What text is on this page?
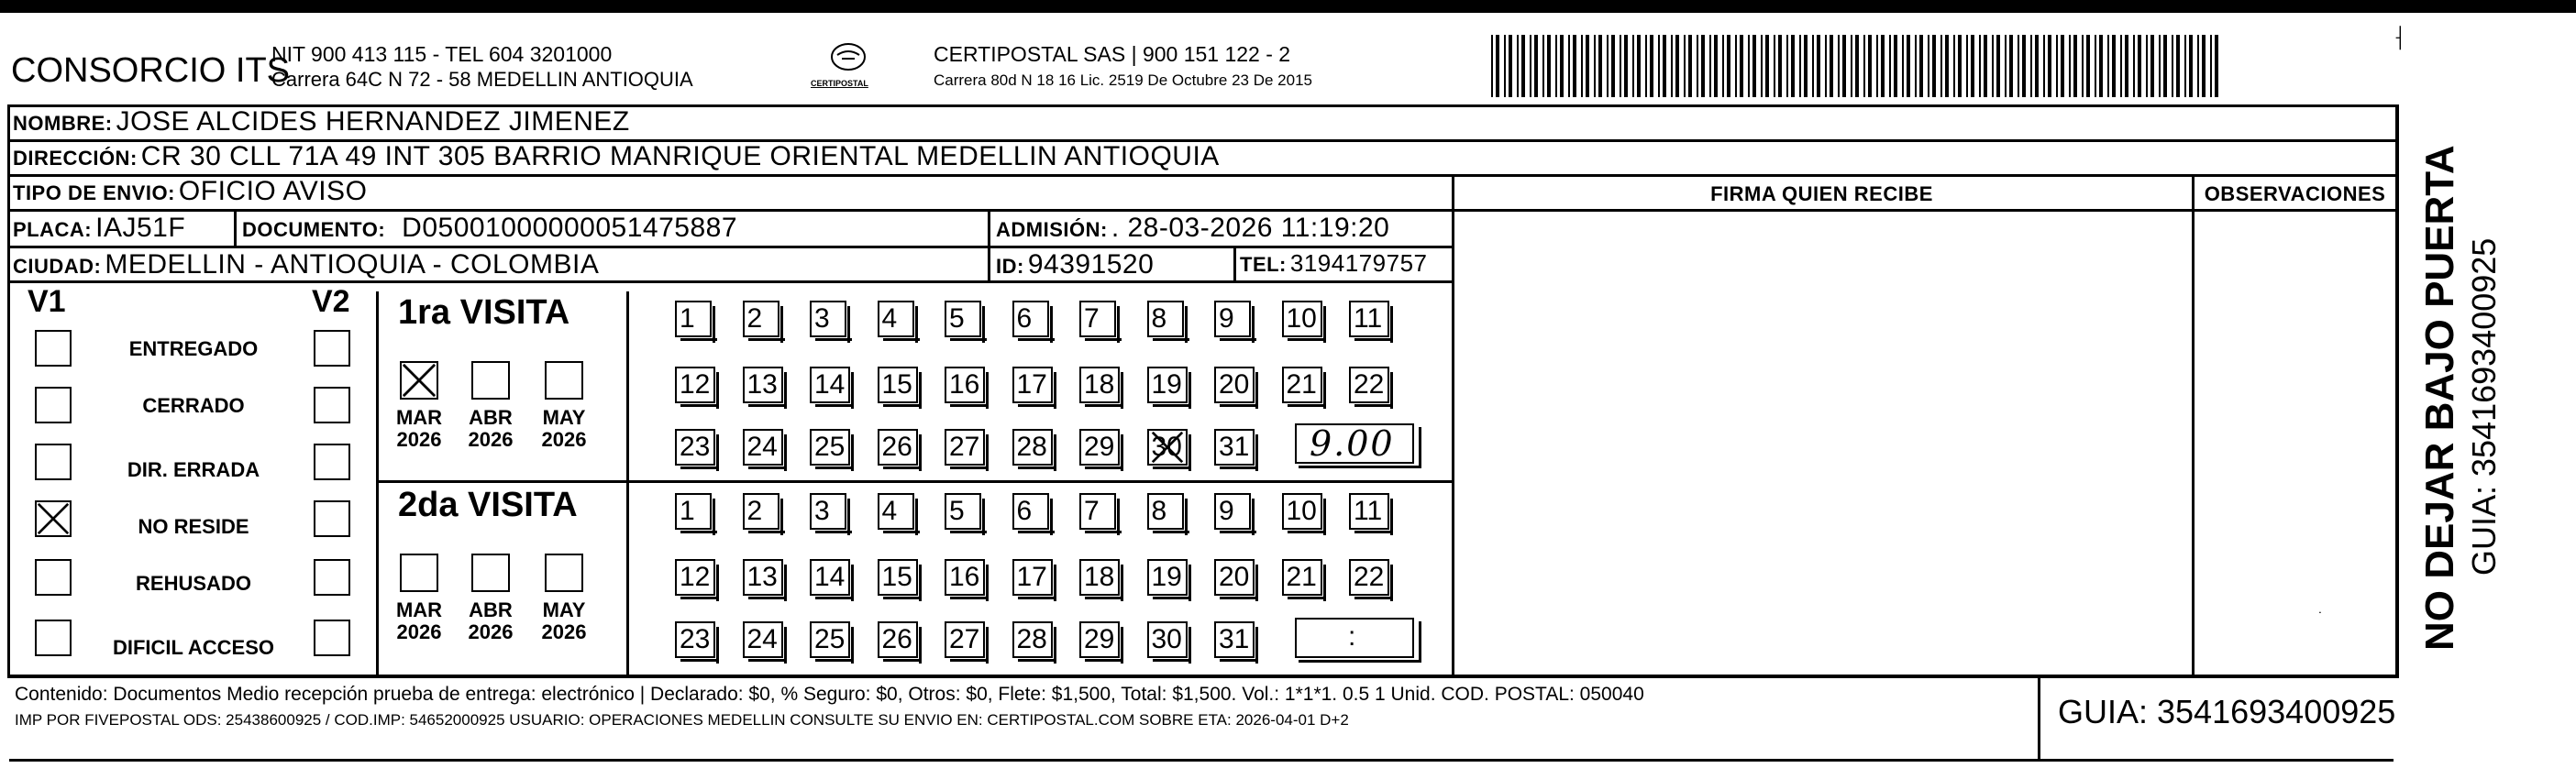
CONSORCIO ITS
NIT 900 413 115 - TEL 604 3201000
Carrera 64C N 72 - 58 MEDELLIN ANTIOQUIA	CERTIPOSTAL
CERTIPOSTAL SAS | 900 151 122 - 2
Carrera 80d N 18 16 Lic. 2519 De Octubre 23 De 2015
⸡
NOMBRE: JOSE ALCIDES HERNANDEZ JIMENEZ
DIRECCIÓN: CR 30 CLL 71A 49 INT 305 BARRIO MANRIQUE ORIENTAL MEDELLIN ANTIOQUIA
TIPO DE ENVIO: OFICIO AVISO
PLACA: IAJ51F	DOCUMENTO: D05001000000051475887	ADMISIÓN: . 28-03-2026 11:19:20
CIUDAD: MEDELLIN - ANTIOQUIA - COLOMBIA	ID: 94391520	TEL: 3194179757
FIRMA QUIEN RECIBE	OBSERVACIONES
˙
V1	V2
ENTREGADO
CERRADO
DIR. ERRADA
NO RESIDE
REHUSADO
DIFICIL ACCESO
1ra VISITA
2da VISITA
MAR
2026
ABR
2026
MAY
2026
MAR
2026
ABR
2026
MAY
2026
1	2	3	4	5	6	7	8	9	10 11
12 13 14 15 16 17 18 19 20 21 22
23 24 25 26 27 28 29 30 31
1	2	3	4	5	6	7	8	9	10 11
12 13 14 15 16 17 18 19 20 21 22
23 24 25 26 27 28 29 30 31
9.00
:
Contenido: Documentos Medio recepción prueba de entrega: electrónico | Declarado: $0, % Seguro: $0, Otros: $0, Flete: $1,500, Total: $1,500. Vol.: 1*1*1. 0.5 1 Unid. COD. POSTAL: 050040
IMP POR FIVEPOSTAL ODS: 25438600925 / COD.IMP: 54652000925 USUARIO: OPERACIONES MEDELLIN CONSULTE SU ENVIO EN: CERTIPOSTAL.COM SOBRE ETA: 2026-04-01 D+2	GUIA: 3541693400925
NO DEJAR BAJO PUERTA GUIA: 3541693400925
